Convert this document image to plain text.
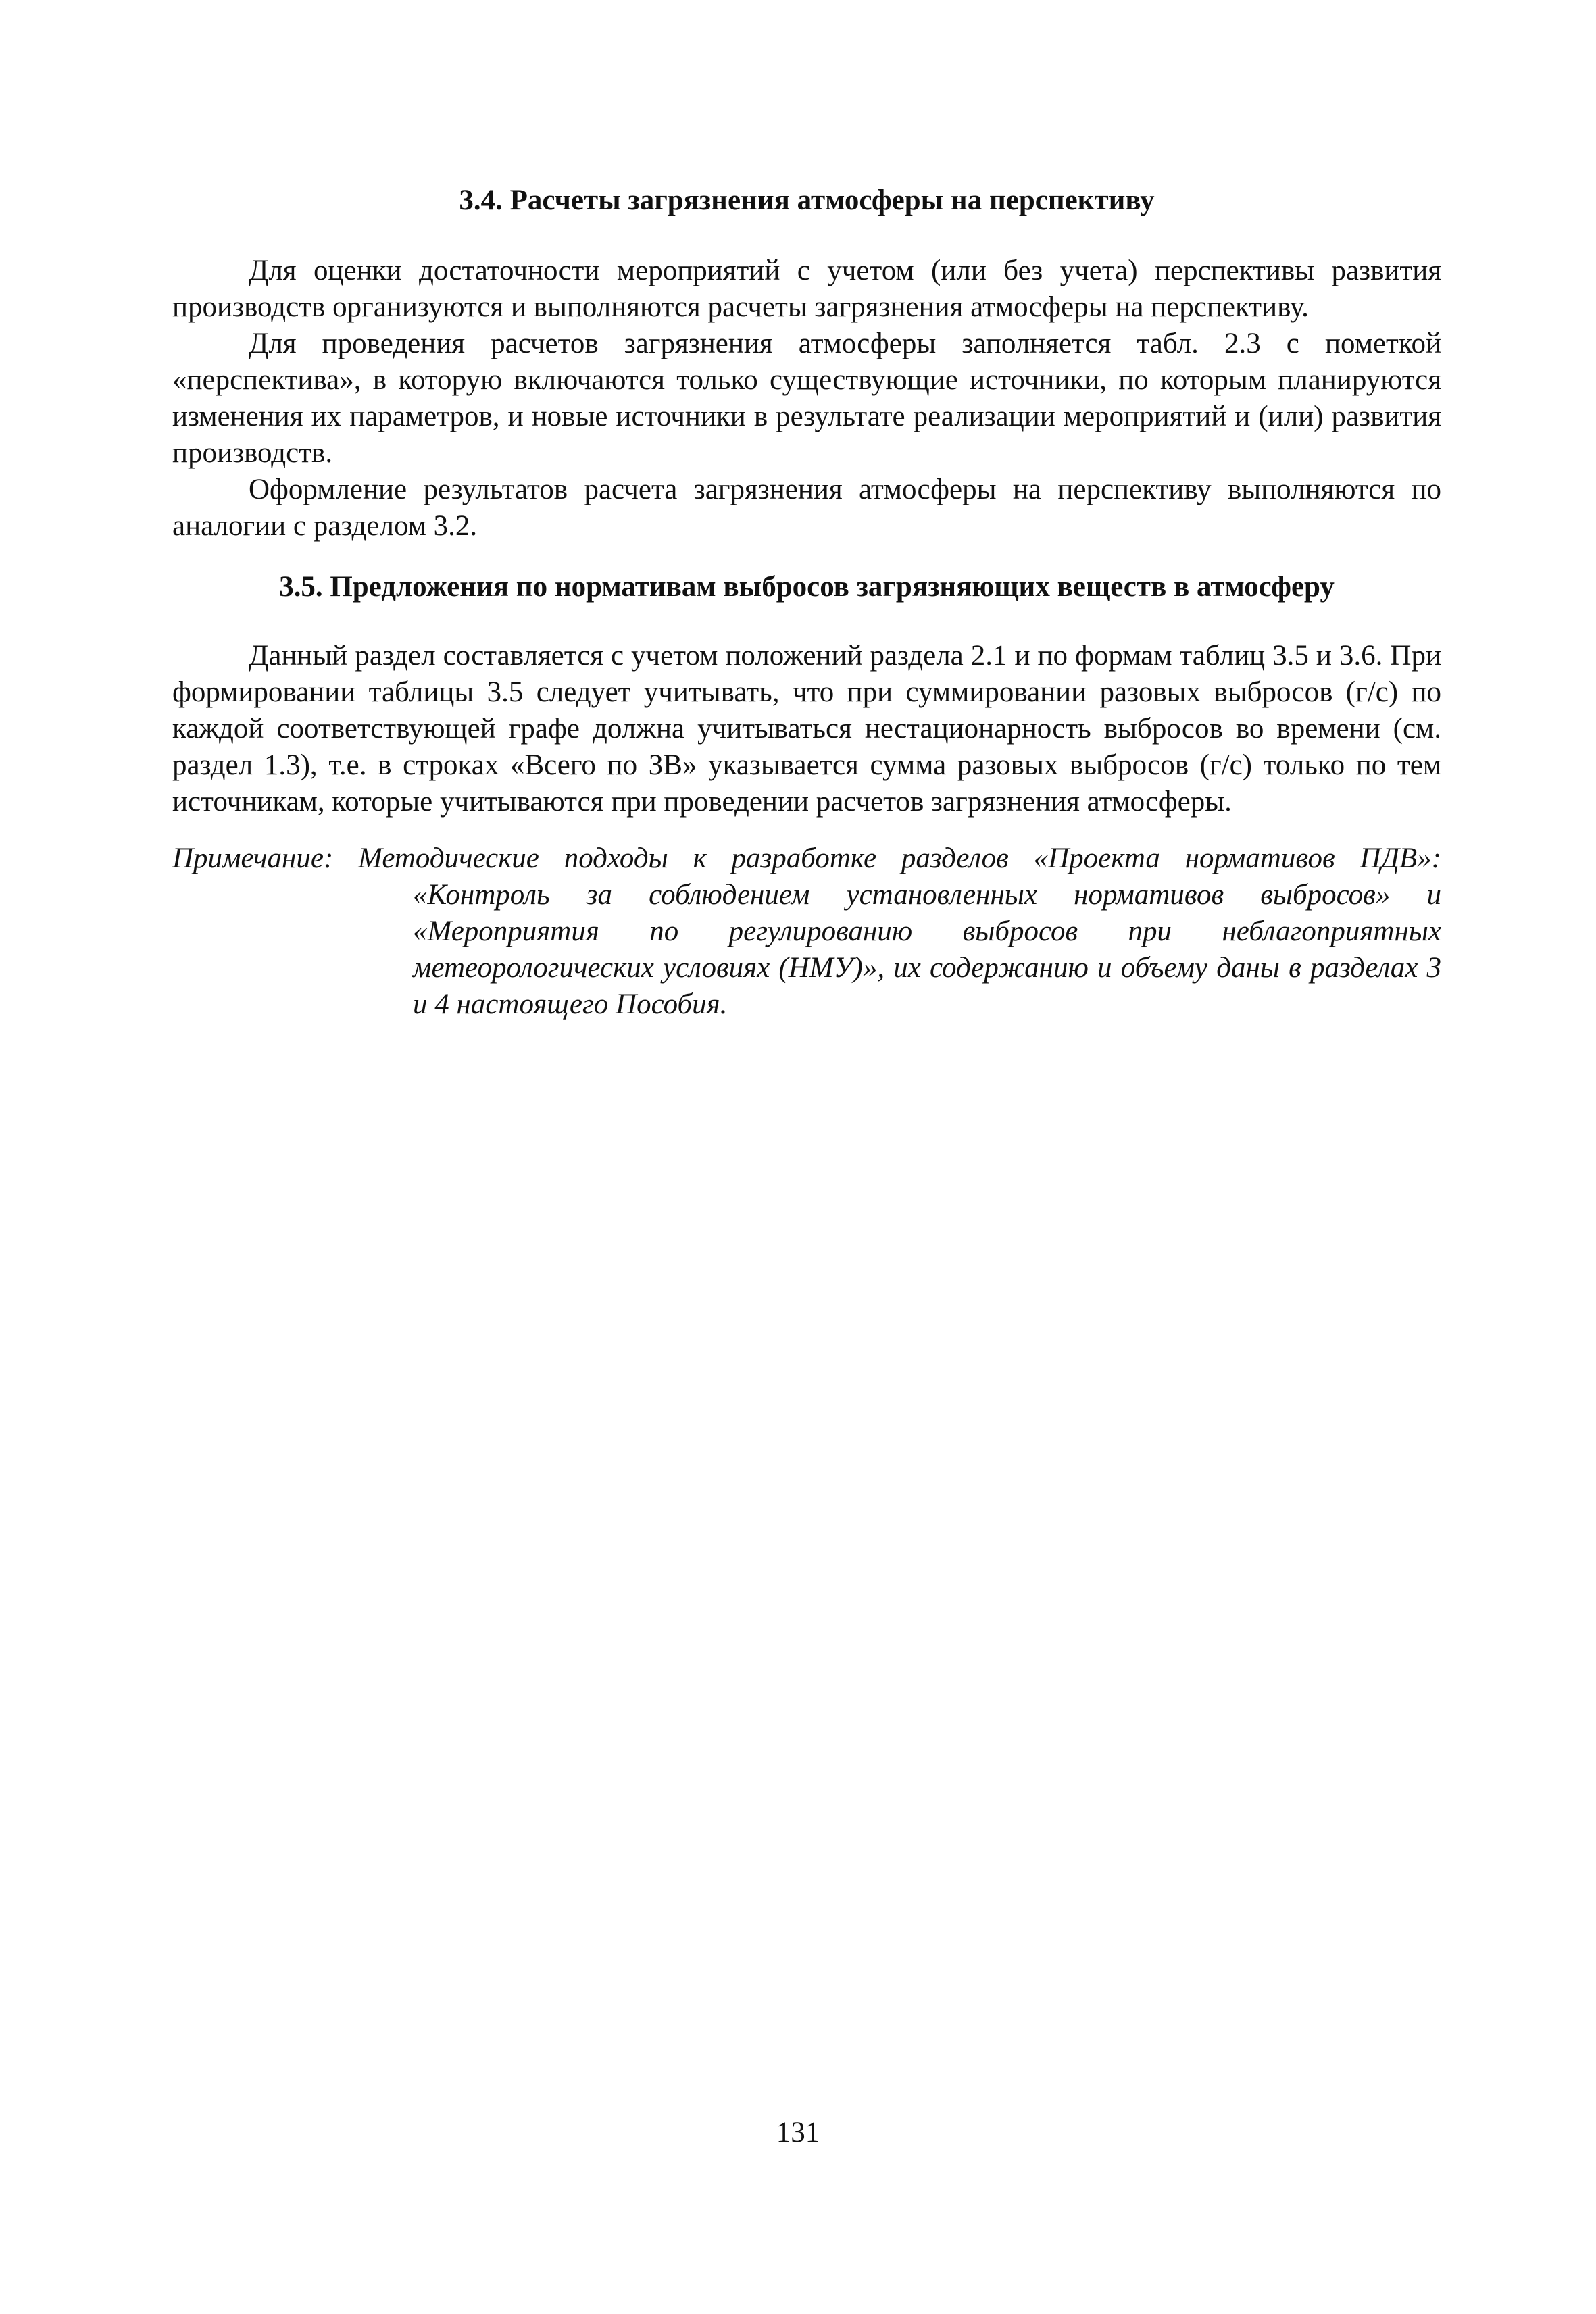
3.4. Расчеты загрязнения атмосферы на перспективу

Для оценки достаточности мероприятий с учетом (или без учета) перспективы развития производств организуются и выполняются расчеты загрязнения атмосферы на перспективу.

Для проведения расчетов загрязнения атмосферы заполняется табл. 2.3 с пометкой «перспектива», в которую включаются только существующие источники, по которым планируются изменения их параметров, и новые источники в результате реализации мероприятий и (или) развития производств.

Оформление результатов расчета загрязнения атмосферы на перспективу выполняются по аналогии с разделом 3.2.

3.5. Предложения по нормативам выбросов загрязняющих веществ в атмосферу

Данный раздел составляется с учетом положений раздела 2.1 и по формам таблиц 3.5 и 3.6. При формировании таблицы 3.5 следует учитывать, что при суммировании разовых выбросов (г/с) по каждой соответствующей графе должна учитываться нестационарность выбросов во времени (см. раздел 1.3), т.е. в строках «Всего по ЗВ» указывается сумма разовых выбросов (г/с) только по тем источникам, которые учитываются при проведении расчетов загрязнения атмосферы.

Примечание: Методические подходы к разработке разделов «Проекта нормативов ПДВ»:
«Контроль за соблюдением установленных нормативов выбросов» и «Мероприятия по регулированию выбросов при неблагоприятных метеорологических условиях (НМУ)», их содержанию и объему даны в разделах 3 и 4 настоящего Пособия.
131
